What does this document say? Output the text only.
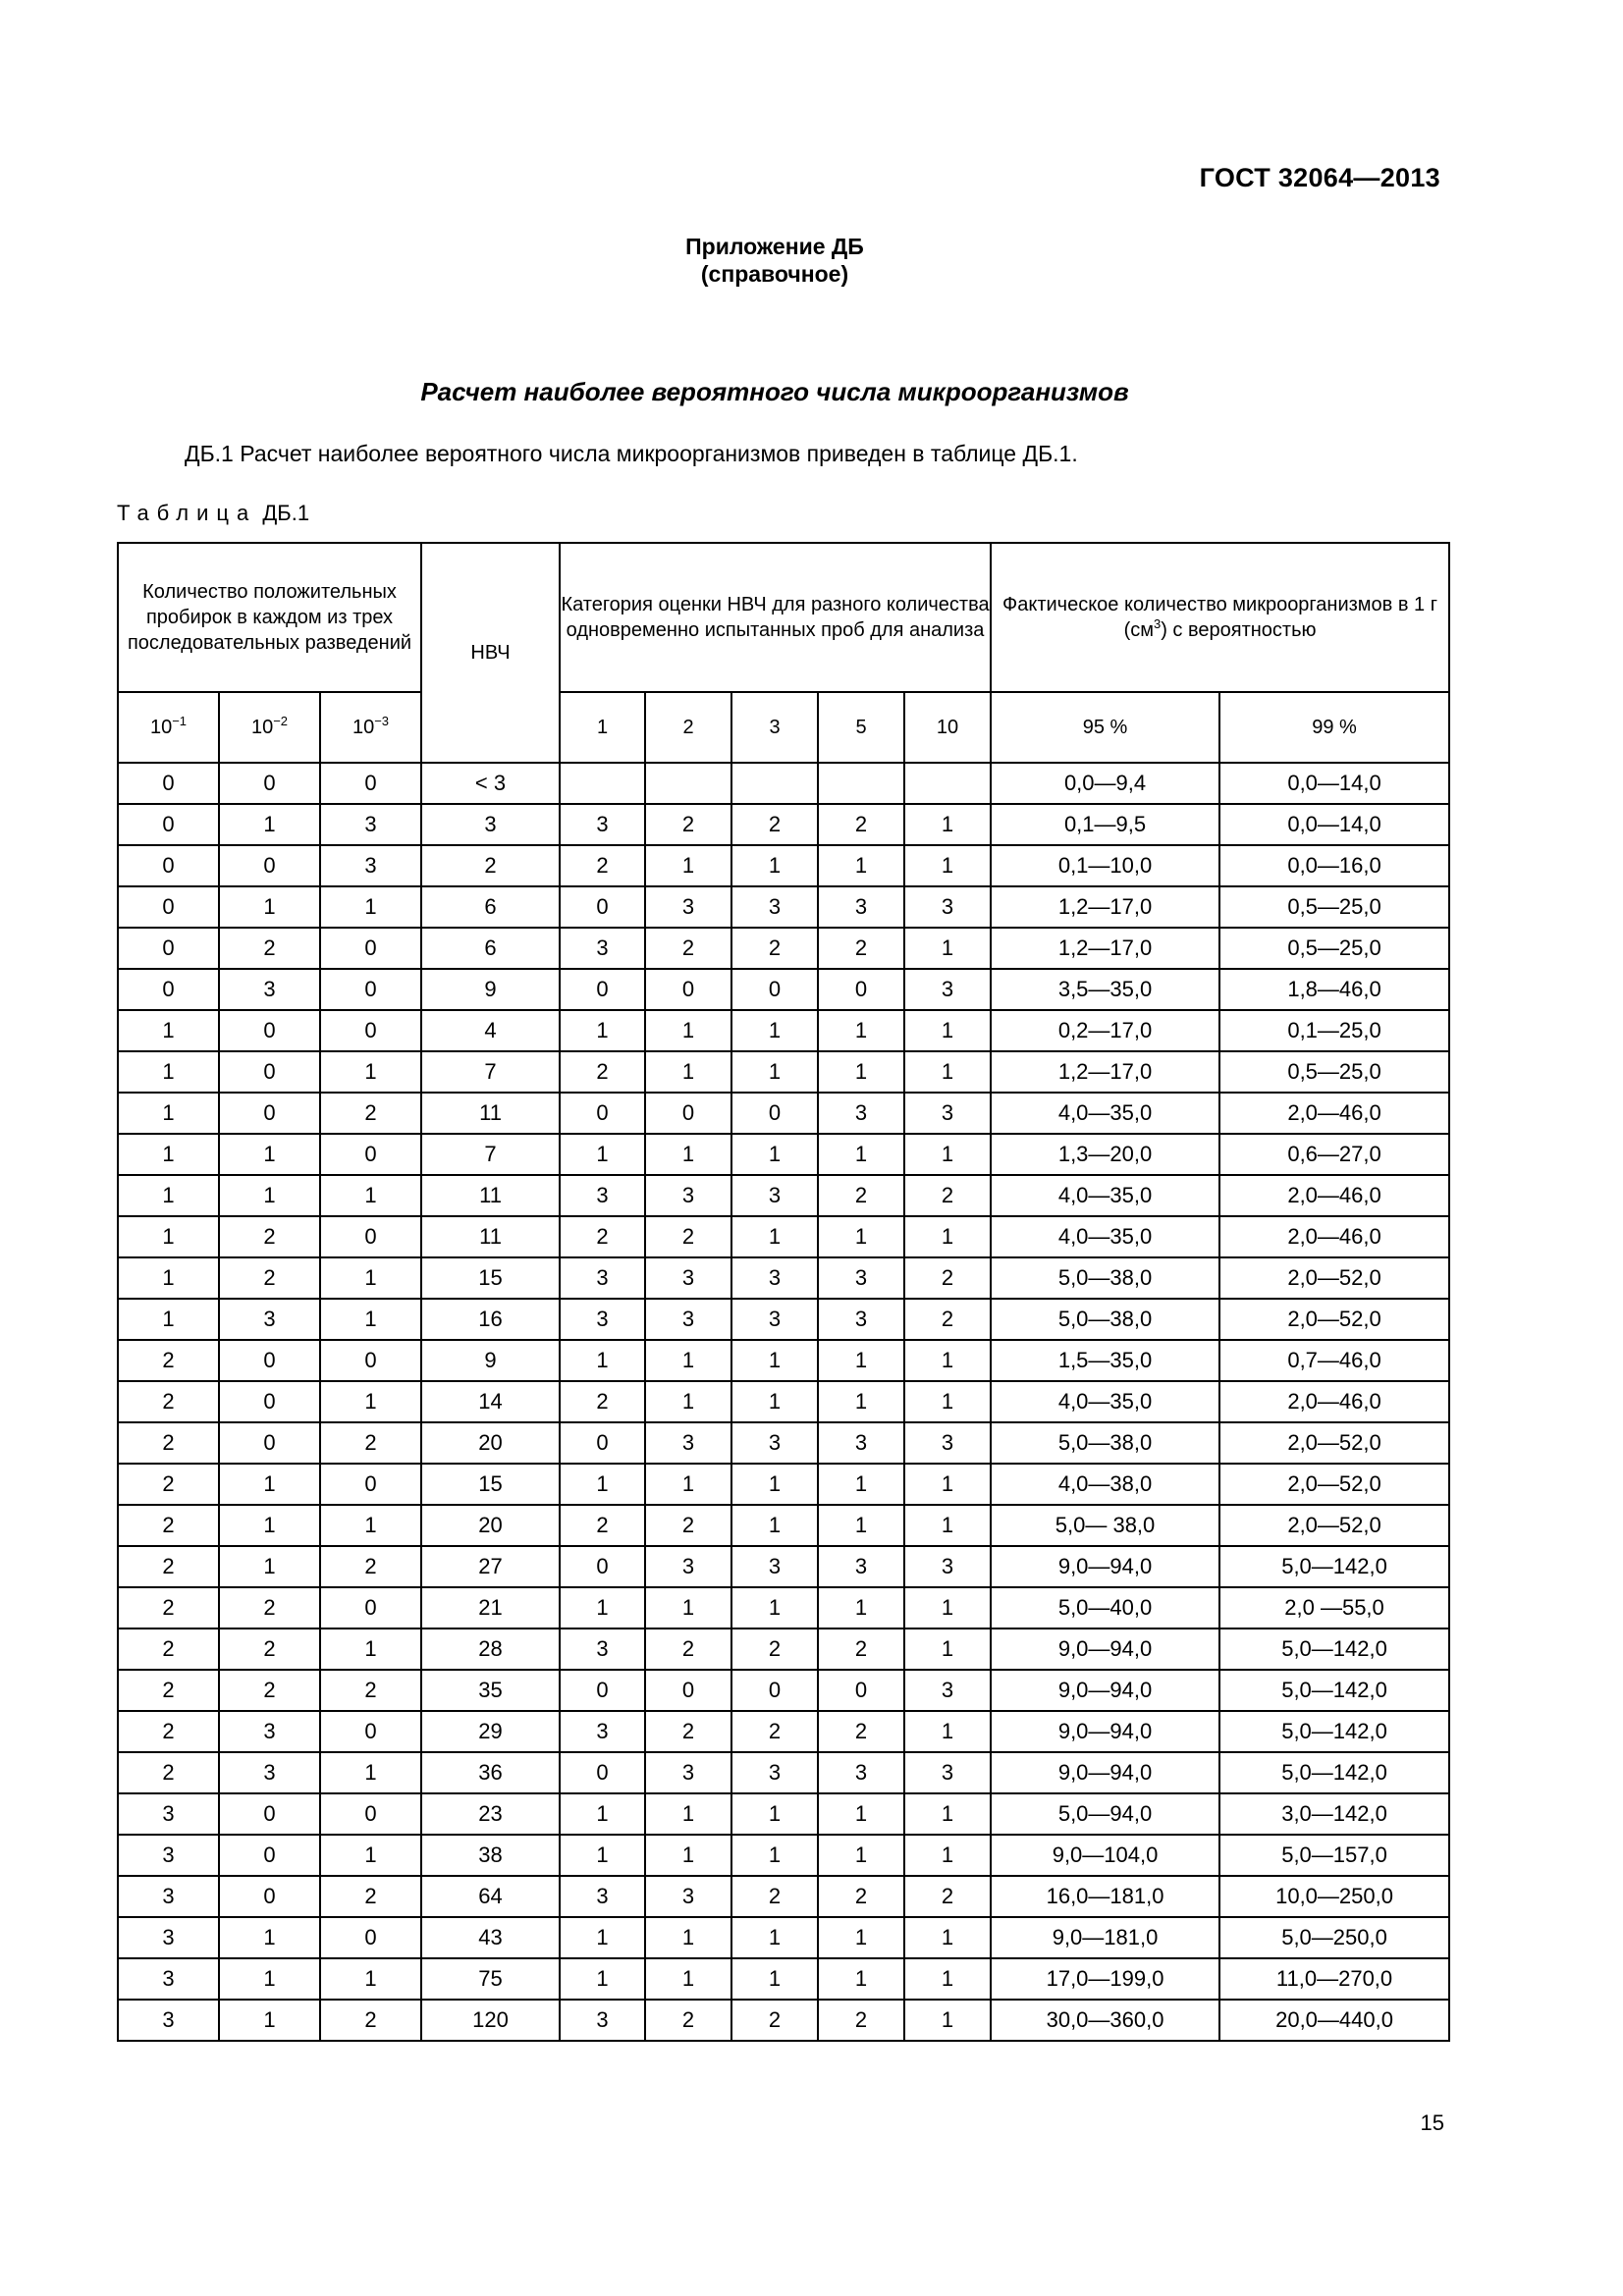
ГОСТ 32064—2013
Приложение ДБ
(справочное)
Расчет наиболее вероятного числа микроорганизмов
ДБ.1 Расчет наиболее вероятного числа микроорганизмов приведен в таблице ДБ.1.
Таблица ДБ.1
Количество положительных пробирок в каждом из трех последовательных разведений			НВЧ	Категория оценки НВЧ для разного количества одновременно испытанных проб для анализа					Фактическое количество микроорганизмов в 1 г $(см^3)$ с вероятностью	
$10^{-1}$	$10^{-2}$	$10^{-3}$		1	2	3	5	10	95 %	99 %
0	0	0	< 3						0,0—9,4	0,0—14,0
0	1	3	3	3	2	2	2	1	0,1—9,5	0,0—14,0
0	0	3	2	2	1	1	1	1	0,1—10,0	0,0—16,0
0	1	1	6	0	3	3	3	3	1,2—17,0	0,5—25,0
0	2	0	6	3	2	2	2	1	1,2—17,0	0,5—25,0
0	3	0	9	0	0	0	0	3	3,5—35,0	1,8—46,0
1	0	0	4	1	1	1	1	1	0,2—17,0	0,1—25,0
1	0	1	7	2	1	1	1	1	1,2—17,0	0,5—25,0
1	0	2	11	0	0	0	3	3	4,0—35,0	2,0—46,0
1	1	0	7	1	1	1	1	1	1,3—20,0	0,6—27,0
1	1	1	11	3	3	3	2	2	4,0—35,0	2,0—46,0
1	2	0	11	2	2	1	1	1	4,0—35,0	2,0—46,0
1	2	1	15	3	3	3	3	2	5,0—38,0	2,0—52,0
1	3	1	16	3	3	3	3	2	5,0—38,0	2,0—52,0
2	0	0	9	1	1	1	1	1	1,5—35,0	0,7—46,0
2	0	1	14	2	1	1	1	1	4,0—35,0	2,0—46,0
2	0	2	20	0	3	3	3	3	5,0—38,0	2,0—52,0
2	1	0	15	1	1	1	1	1	4,0—38,0	2,0—52,0
2	1	1	20	2	2	1	1	1	5,0— 38,0	2,0—52,0
2	1	2	27	0	3	3	3	3	9,0—94,0	5,0—142,0
2	2	0	21	1	1	1	1	1	5,0—40,0	2,0 —55,0
2	2	1	28	3	2	2	2	1	9,0—94,0	5,0—142,0
2	2	2	35	0	0	0	0	3	9,0—94,0	5,0—142,0
2	3	0	29	3	2	2	2	1	9,0—94,0	5,0—142,0
2	3	1	36	0	3	3	3	3	9,0—94,0	5,0—142,0
3	0	0	23	1	1	1	1	1	5,0—94,0	3,0—142,0
3	0	1	38	1	1	1	1	1	9,0—104,0	5,0—157,0
3	0	2	64	3	3	2	2	2	16,0—181,0	10,0—250,0
3	1	0	43	1	1	1	1	1	9,0—181,0	5,0—250,0
3	1	1	75	1	1	1	1	1	17,0—199,0	11,0—270,0
3	1	2	120	3	2	2	2	1	30,0—360,0	20,0—440,0
15
